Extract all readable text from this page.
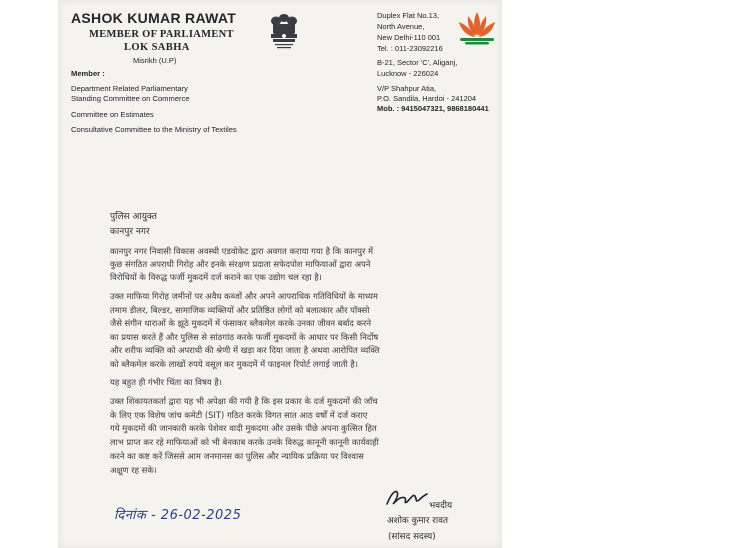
ASHOK KUMAR RAWAT
MEMBER OF PARLIAMENT
LOK SABHA
Misrikh (U.P)
Member :
Department Related Parliamentary
Standing Committee on Commerce
Committee on Estimates
Consultative Committee to the Ministry of Textiles
Duplex Flat No.13,
North Avenue,
New Delhi-110 001
Tel. : 011-23092216
B-21, Sector 'C', Aliganj,
Lucknow - 226024
V/P Shahpur Atia,
P.O. Sandila, Hardoi - 241204
Mob. : 9415047321, 9868180441
पुलिस आयुक्त
कानपुर नगर
कानपुर नगर निवासी विकास अवस्थी एडवोकेट द्वारा अवगत कराया गया है कि कानपुर में
कुछ संगठित अपराधी गिरोह और इनके संरक्षण प्रदाता सफेदपोश माफियाओं द्वारा अपने
विरोधियों के विरुद्ध फर्जी मुकदमें दर्ज कराने का एक उद्योग चल रहा है।
उक्त माफिया गिरोह जमीनों पर अवैध कब्जों और अपने आपराधिक गतिविधियों के माध्यम
तमाम डीलर, बिल्डर, सामाजिक व्यक्तियों और प्रतिष्ठित लोगों को बलात्कार और पॉक्सो
जैसे संगीन धाराओं के झूठे मुकदमें में फंसाकर ब्लैकमेल करके उनका जीवन बर्बाद करने
का प्रयास करते हैं और पुलिस से सांठगांठ करके फर्जी मुकदमों के आधार पर किसी निर्दोष
और शरीफ व्यक्ति को अपराधी की श्रेणी में खड़ा कर दिया जाता है अथवा आरोपित व्यक्ति
को ब्लैकमेल करके लाखों रुपये वसूल कर मुकदमें में फाइनल रिपोर्ट लगाई जाती है।
यह बहुत ही गंभीर चिंता का विषय है।
उक्त शिकायतकर्ता द्वारा यह भी अपेक्षा की गयी है कि इस प्रकार के दर्ज मुकदमों की जाँच
के लिए एक विशेष जांच कमेटी (SIT) गठित करके विगत सात आठ वर्षों में दर्ज कराए
गये मुकदमों की जानकारी करके पेशेवर वादी मुकदमा और उसके पीछे अपना कुत्सित हित
लाभ प्राप्त कर रहे माफियाओं को भी बेनकाब करके उनके विरुद्ध कानूनी कानूनी कार्यवाही
करने का कष्ट करें जिससे आम जनमानस का पुलिस और न्यायिक प्रक्रिया पर विश्वास
अक्षुण रह सके।
भवदीय
अशोक कुमार रावत
(सांसद सदस्य)
दिनांक - 26-02-2025
